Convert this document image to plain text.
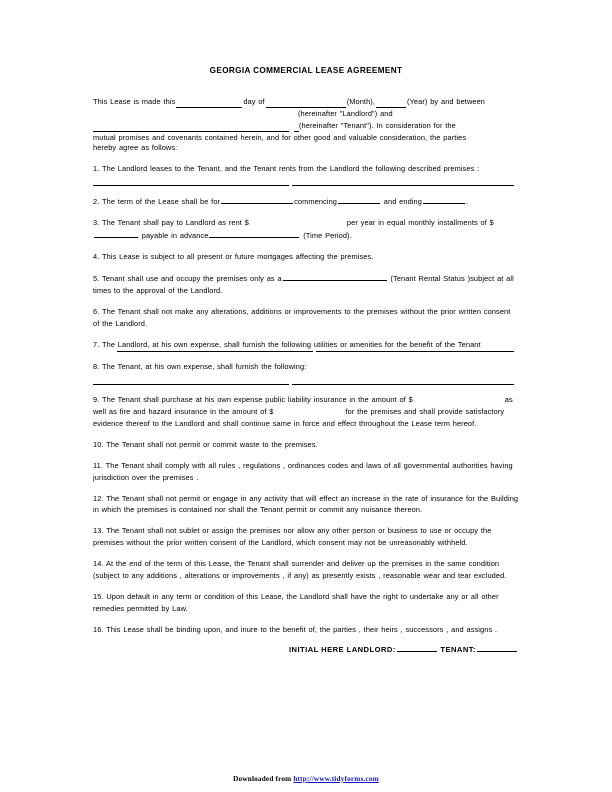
GEORGIA COMMERCIAL LEASE AGREEMENT
This Lease is made this	day of	(Month),	(Year) by and between
(hereinafter "Landlord") and
(hereinafter "Tenant"). In consideration for the
mutual promises and covenants contained herein, and for other good and valuable consideration, the parties
hereby agree as follows:
1. The Landlord leases to the Tenant, and the Tenant rents from the Landlord the following described premises :
2. The term of the Lease shall be for	commencing	and ending	.
3. The Tenant shall pay to Landlord as rent $	per year in equal monthly installments of $
payable in advance	(Time Period).
4. This Lease is subject to all present or future mortgages affecting the premises.
5. Tenant shall use and occupy the premises only as a	(Tenant Rental Status )subject at all times to the approval of the Landlord.
6. The Tenant shall not make any alterations, additions or improvements to the premises without the prior written consent of the Landlord.
7. The Landlord, at his own expense, shall furnish the following utilities or amenities for the benefit of the Tenant
8. The Tenant, at his own expense, shall furnish the following:
9. The Tenant shall purchase at his own expense public liability insurance in the amount of $	as well as fire and hazard insurance in the amount of $	for the premises and shall provide satisfactory evidence thereof to the Landlord and shall continue same in force and effect throughout the Lease term hereof.
10. The Tenant shall not permit or commit waste to the premises.
11. The Tenant shall comply with all rules , regulations , ordinances codes and laws of all governmental authorities having jurisdiction over the premises .
12. The Tenant shall not permit or engage in any activity that will effect an increase in the rate of insurance for the Building in which the premises is contained nor shall the Tenant permit or commit any nuisance thereon.
13. The Tenant shall not sublet or assign the premises nor allow any other person or business to use or occupy the premises without the prior written consent of the Landlord, which consent may not be unreasonably withheld.
14. At the end of the term of this Lease, the Tenant shall surrender and deliver up the premises in the same condition (subject to any additions , alterations or improvements , if any) as presently exists , reasonable wear and tear excluded.
15. Upon default in any term or condition of this Lease, the Landlord shall have the right to undertake any or all other remedies permitted by Law.
16. This Lease shall be binding upon, and inure to the benefit of, the parties , their heirs , successors , and assigns .
INITIAL HERE LANDLORD:	TENANT:
Downloaded from http://www.tidyforms.com
